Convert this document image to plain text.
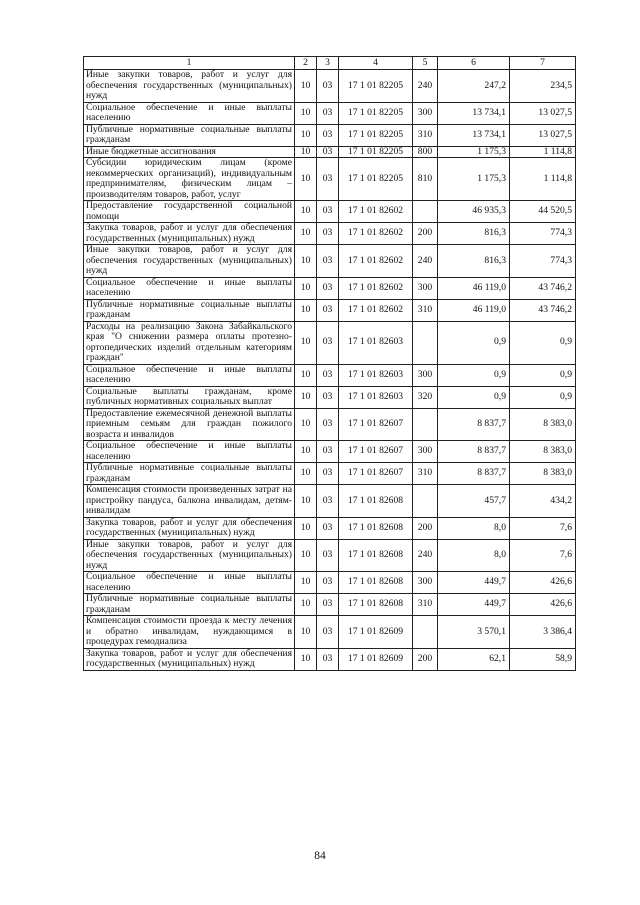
1	2	3	4	5	6	7
Иные закупки товаров, работ и услуг для обеспечения государственных (муниципальных) нужд	10	03	17 1 01 82205	240	247,2	234,5
Социальное обеспечение и иные выплаты населению	10	03	17 1 01 82205	300	13 734,1	13 027,5
Публичные нормативные социальные выплаты гражданам	10	03	17 1 01 82205	310	13 734,1	13 027,5
Иные бюджетные ассигнования	10	03	17 1 01 82205	800	1 175,3	1 114,8
Субсидии юридическим лицам (кроме некоммерческих организаций), индивидуальным предпринимателям, физическим лицам – производителям товаров, работ, услуг	10	03	17 1 01 82205	810	1 175,3	1 114,8
Предоставление государственной социальной помощи	10	03	17 1 01 82602		46 935,3	44 520,5
Закупка товаров, работ и услуг для обеспечения государственных (муниципальных) нужд	10	03	17 1 01 82602	200	816,3	774,3
Иные закупки товаров, работ и услуг для обеспечения государственных (муниципальных) нужд	10	03	17 1 01 82602	240	816,3	774,3
Социальное обеспечение и иные выплаты населению	10	03	17 1 01 82602	300	46 119,0	43 746,2
Публичные нормативные социальные выплаты гражданам	10	03	17 1 01 82602	310	46 119,0	43 746,2
Расходы на реализацию Закона Забайкальского края "О снижении размера оплаты протезно-ортопедических изделий отдельным категориям граждан"	10	03	17 1 01 82603		0,9	0,9
Социальное обеспечение и иные выплаты населению	10	03	17 1 01 82603	300	0,9	0,9
Социальные выплаты гражданам, кроме публичных нормативных социальных выплат	10	03	17 1 01 82603	320	0,9	0,9
Предоставление ежемесячной денежной выплаты приемным семьям для граждан пожилого возраста и инвалидов	10	03	17 1 01 82607		8 837,7	8 383,0
Социальное обеспечение и иные выплаты населению	10	03	17 1 01 82607	300	8 837,7	8 383,0
Публичные нормативные социальные выплаты гражданам	10	03	17 1 01 82607	310	8 837,7	8 383,0
Компенсация стоимости произведенных затрат на пристройку пандуса, балкона инвалидам, детям-инвалидам	10	03	17 1 01 82608		457,7	434,2
Закупка товаров, работ и услуг для обеспечения государственных (муниципальных) нужд	10	03	17 1 01 82608	200	8,0	7,6
Иные закупки товаров, работ и услуг для обеспечения государственных (муниципальных) нужд	10	03	17 1 01 82608	240	8,0	7,6
Социальное обеспечение и иные выплаты населению	10	03	17 1 01 82608	300	449,7	426,6
Публичные нормативные социальные выплаты гражданам	10	03	17 1 01 82608	310	449,7	426,6
Компенсация стоимости проезда к месту лечения и обратно инвалидам, нуждающимся в процедурах гемодиализа	10	03	17 1 01 82609		3 570,1	3 386,4
Закупка товаров, работ и услуг для обеспечения государственных (муниципальных) нужд	10	03	17 1 01 82609	200	62,1	58,9
84
